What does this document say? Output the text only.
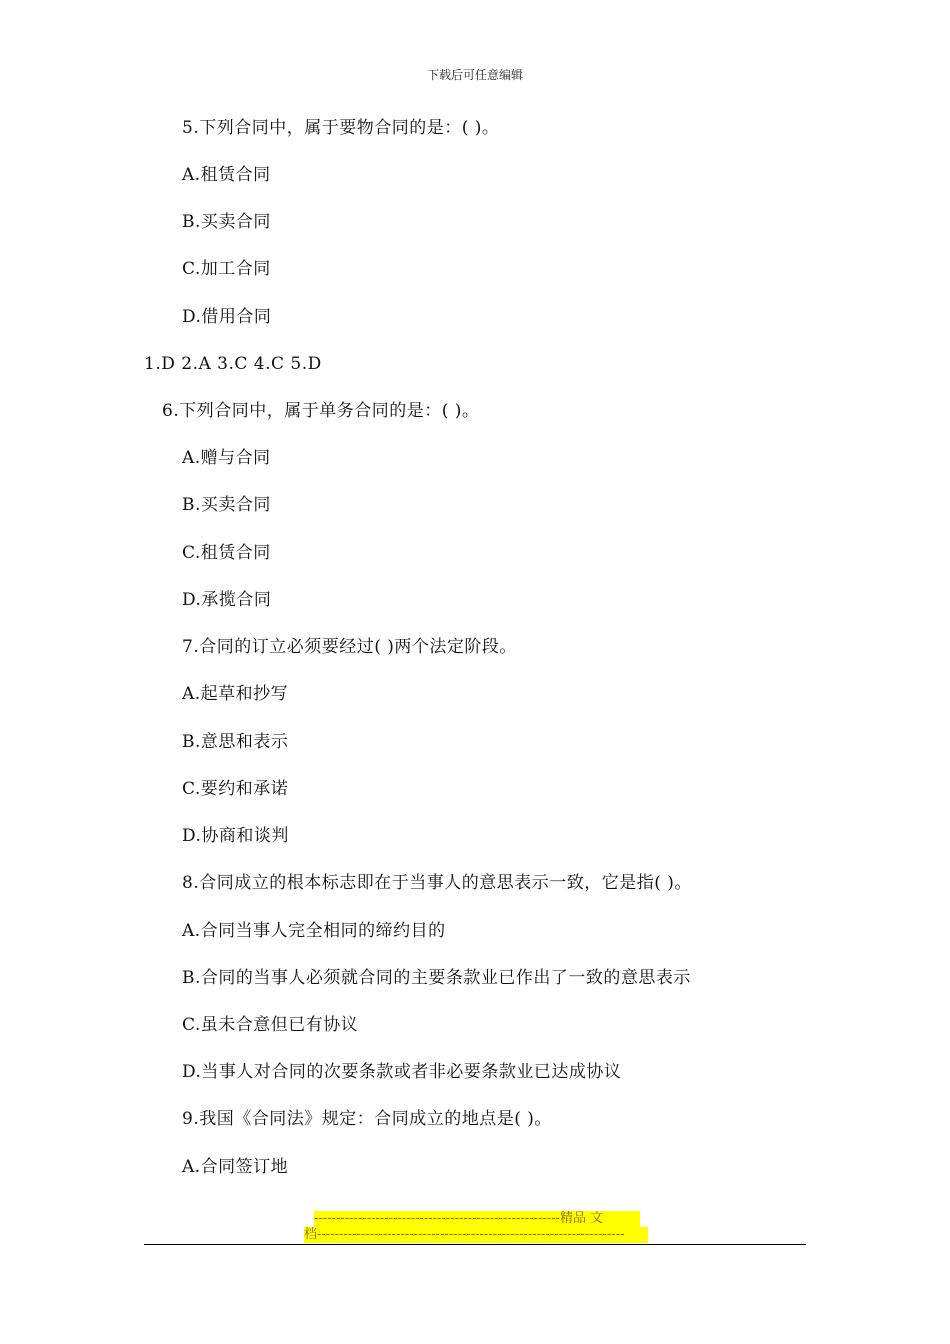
下载后可任意编辑
5.下列合同中，属于要物合同的是：( )。
A.租赁合同
B.买卖合同
C.加工合同
D.借用合同
1.D 2.A 3.C 4.C 5.D
6.下列合同中，属于单务合同的是：( )。
A.赠与合同
B.买卖合同
C.租赁合同
D.承揽合同
7.合同的订立必须要经过( )两个法定阶段。
A.起草和抄写
B.意思和表示
C.要约和承诺
D.协商和谈判
8.合同成立的根本标志即在于当事人的意思表示一致，它是指( )。
A.合同当事人完全相同的缔约目的
B.合同的当事人必须就合同的主要条款业已作出了一致的意思表示
C.虽未合意但已有协议
D.当事人对合同的次要条款或者非必要条款业已达成协议
9.我国《合同法》规定：合同成立的地点是( )。
A.合同签订地
--------------------------------------------------------精品 文
档----------------------------------------------------------------------
